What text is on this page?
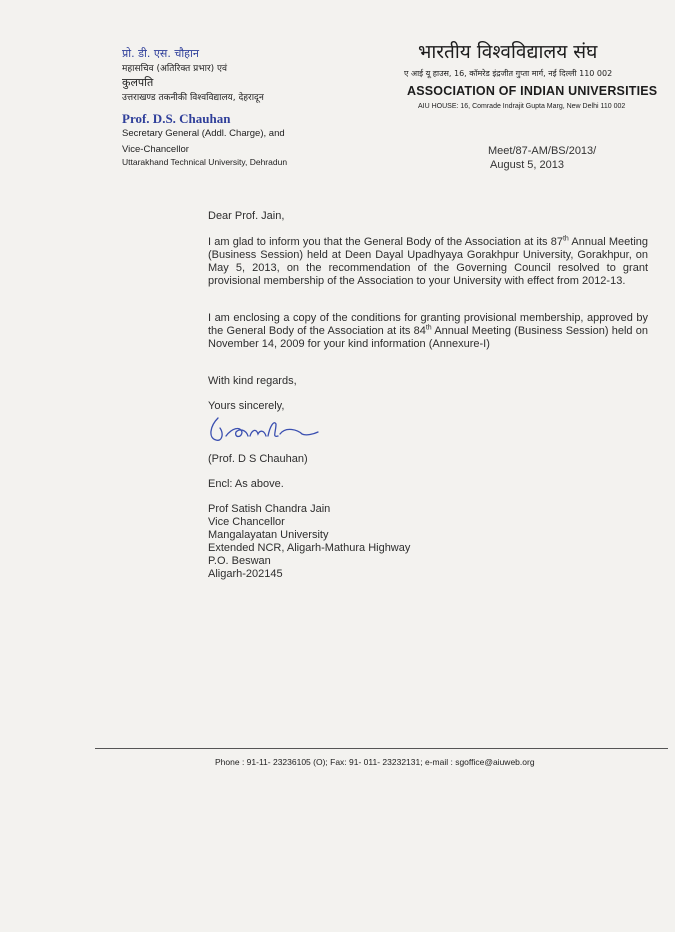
प्रो. डी. एस. चौहान
महासचिव (अतिरिक्त प्रभार) एवं
कुलपति
उत्तराखण्ड तकनीकी विश्वविद्यालय, देहरादून
Prof. D.S. Chauhan
Secretary General (Addl. Charge), and
Vice-Chancellor
Uttarakhand Technical University, Dehradun
भारतीय विश्वविद्यालय संघ
ए आई यू हाउस, 16, कॉमरेड इंद्रजीत गुप्ता मार्ग, नई दिल्ली 110 002
ASSOCIATION OF INDIAN UNIVERSITIES
AIU HOUSE: 16, Comrade Indrajit Gupta Marg, New Delhi 110 002
Meet/87-AM/BS/2013/
August 5, 2013
Dear Prof. Jain,
I am glad to inform you that the General Body of the Association at its 87th Annual Meeting (Business Session) held at Deen Dayal Upadhyaya Gorakhpur University, Gorakhpur, on May 5, 2013, on the recommendation of the Governing Council resolved to grant provisional membership of the Association to your University with effect from 2012-13.
I am enclosing a copy of the conditions for granting provisional membership, approved by the General Body of the Association at its 84th Annual Meeting (Business Session) held on November 14, 2009 for your kind information (Annexure-I)
With kind regards,
Yours sincerely,
(Prof. D S Chauhan)
Encl: As above.
Prof Satish Chandra Jain
Vice Chancellor
Mangalayatan University
Extended NCR, Aligarh-Mathura Highway
P.O. Beswan
Aligarh-202145
Phone : 91-11- 23236105 (O); Fax: 91- 011- 23232131; e-mail : sgoffice@aiuweb.org
